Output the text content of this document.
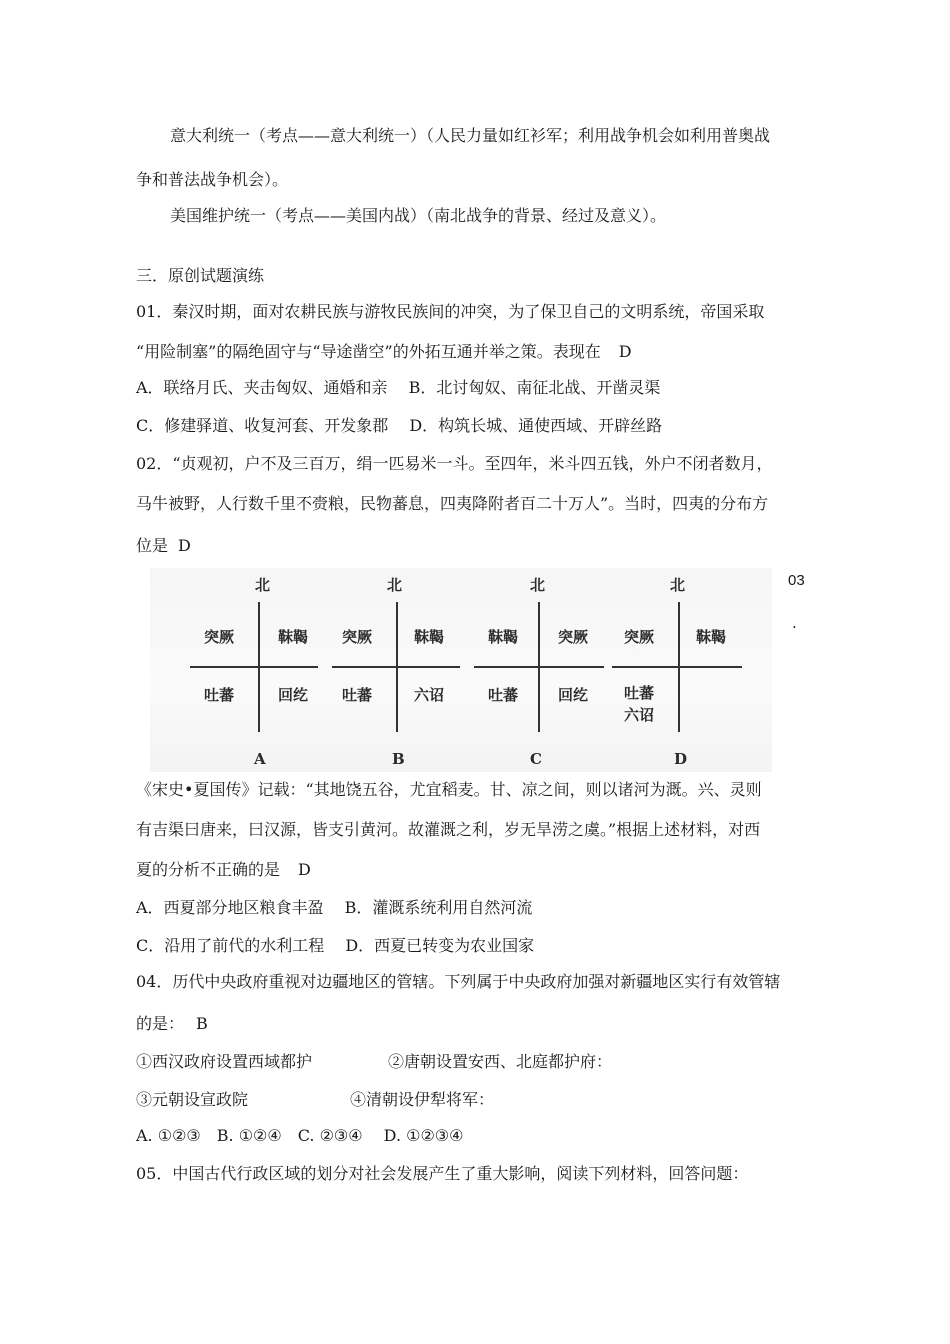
意大利统一（考点——意大利统一）（人民力量如红衫军；利用战争机会如利用普奥战
争和普法战争机会）。
美国维护统一（考点——美国内战）（南北战争的背景、经过及意义）。
三．原创试题演练
01．秦汉时期，面对农耕民族与游牧民族间的冲突，为了保卫自己的文明系统，帝国采取
“用险制塞”的隔绝固守与“导途凿空”的外拓互通并举之策。表现在 D
A．联络月氏、夹击匈奴、通婚和亲　 B．北讨匈奴、南征北战、开凿灵渠
C．修建驿道、收复河套、开发象郡　 D．构筑长城、通使西域、开辟丝路
02．“贞观初，户不及三百万，绢一匹易米一斗。至四年，米斗四五钱，外户不闭者数月，
马牛被野，人行数千里不赍粮，民物蕃息，四夷降附者百二十万人”。当时，四夷的分布方
位是 D
北
突厥	靺鞨
吐蕃	回纥
A
北
突厥	靺鞨
吐蕃	六诏
B
北
靺鞨	突厥
吐蕃	回纥
C
北
突厥	靺鞨
吐蕃
六诏
D
03
.
《宋史•夏国传》记载：“其地饶五谷，尤宜稻麦。甘、凉之间，则以诸河为溉。兴、灵则
有吉渠曰唐来，曰汉源，皆支引黄河。故灌溉之利，岁无旱涝之虞。”根据上述材料，对西
夏的分析不正确的是 D
A．西夏部分地区粮食丰盈　 B．灌溉系统利用自然河流
C．沿用了前代的水利工程　 D．西夏已转变为农业国家
04．历代中央政府重视对边疆地区的管辖。下列属于中央政府加强对新疆地区实行有效管辖
的是： B
①西汉政府设置西域都护	②唐朝设置安西、北庭都护府：
③元朝设宣政院	④清朝设伊犁将军：
A. ①②③　B. ①②④　C. ②③④　 D. ①②③④
05．中国古代行政区域的划分对社会发展产生了重大影响，阅读下列材料，回答问题：
